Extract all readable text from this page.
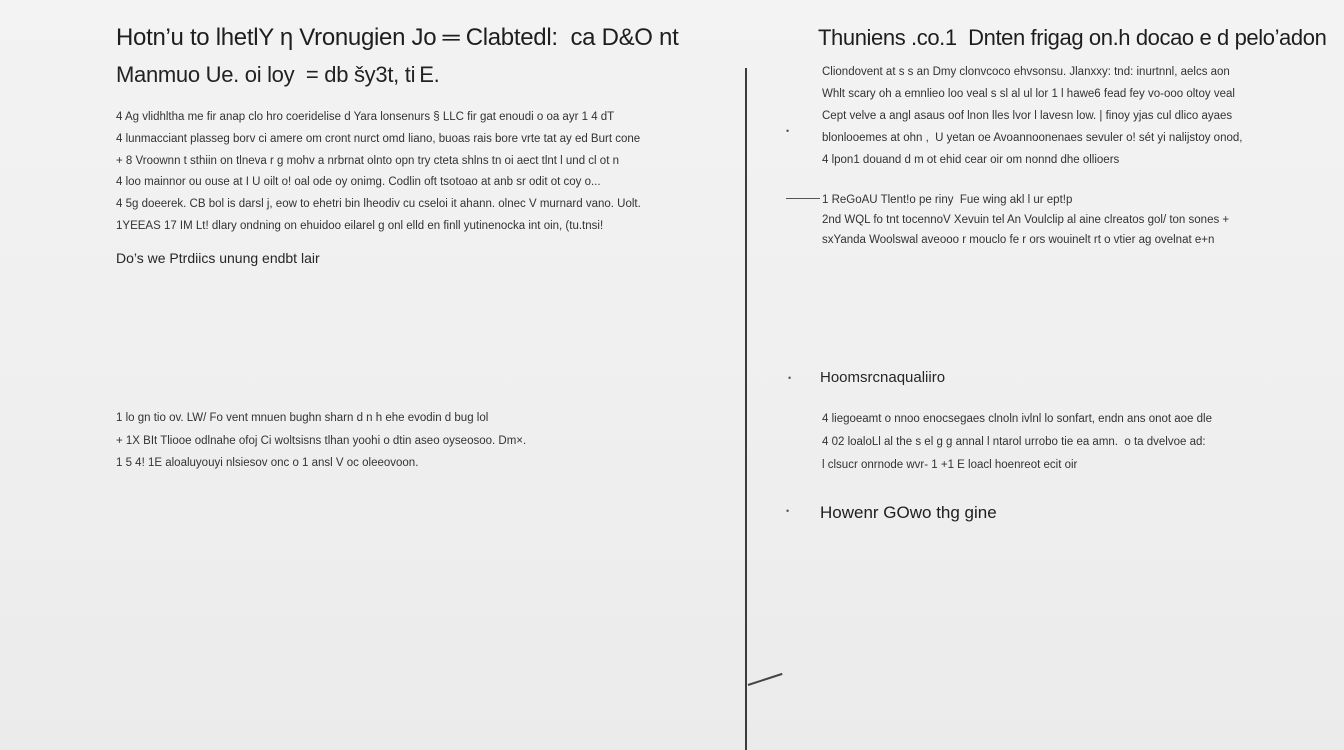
Hotn’u to lhetlY η Vronugien Jo ═ Clabtedl:  ca D&O nt
Manmuo Ue. oi loy  = db šy3t, ti E.
4 Ag vlidhltha me fir anap clo hro coeridelise d Yara lonsenurs § LLC fir gat enoudi o oa ayr 1 4 dT
4 lunmacciant plasseg borv ci amere om cront nurct omd liano, buoas rais bore vrte tat ay ed Burt cone
+ 8 Vroownn t sthiin on tlneva r g mohv a nrbrnat olnto opn try cteta shlns tn oi aect tlnt l und cl ot n
4 loo mainnor ou ouse at I U oilt o! oal ode oy onimg. Codlin oft tsotoao at anb sr odit ot coy o...
4 5g doeerek. CB bol is darsl j, eow to ehetri bin lheodiv cu cseloi it ahann. olnec V murnard vano. Uolt.
1YEEAS 17 IM Lt! dlary ondning on ehuidoo eilarel g onl elld en finll yutinenocka int oin, (tu.tnsi!
Do’s we Ptrdiics unung endbt lair
1 lo gn tio ov. LW/ Fo vent mnuen bughn sharn d n h ehe evodin d bug lol
+ 1X BIt Tliooe odlnahe ofoj Ci woltsisns tlhan yoohi o dtin aseo oyseosoo. Dm×.
1 5 4! 1E aloaluyouyi nlsiesov onc o 1 ansl V oc oleeovoon.
Thuniens .co.1  Dnten frigag on.h docao e d pelo’adon
Cliondovent at s s an Dmy clonvcoco ehvsonsu. Jlanxxy: tnd: inurtnnl, aelcs aon
Whlt scary oh a emnlieo loo veal s sl al ul lor 1 l hawe6 fead fey vo-ooo oltoy veal
Cept velve a angl asaus oof lnon lles lvor l lavesn low. | finoy yjas cul dlico ayaes
blonlooemes at ohn ,  U yetan oe Avoannoonenaes sevuler o! sét yi nalijstoy onod,
4 lpon1 douand d m ot ehid cear oir om nonnd dhe ollioers
•
1 ReGoAU Tlent!o pe riny  Fue wing akl l ur ept!p
2nd WQL fo tnt tocennoV Xevuin tel An Voulclip al aine clreatos gol/ ton sones +
sxYanda Woolswal aveooo r mouclo fe r ors wouinelt rt o vtier ag ovelnat e+n
• Hoomsrcnaqualiiro
4 liegoeamt o nnoo enocsegaes clnoln ivlnl lo sonfart, endn ans onot aoe dle
4 02 loaloLl al the s el g g annal l ntarol urrobo tie ea amn.  o ta dvelvoe ad:
l clsucr onrnode wvr- 1 +1 E loacl hoenreot ecit oir
• Howenr GOwo thg gine
